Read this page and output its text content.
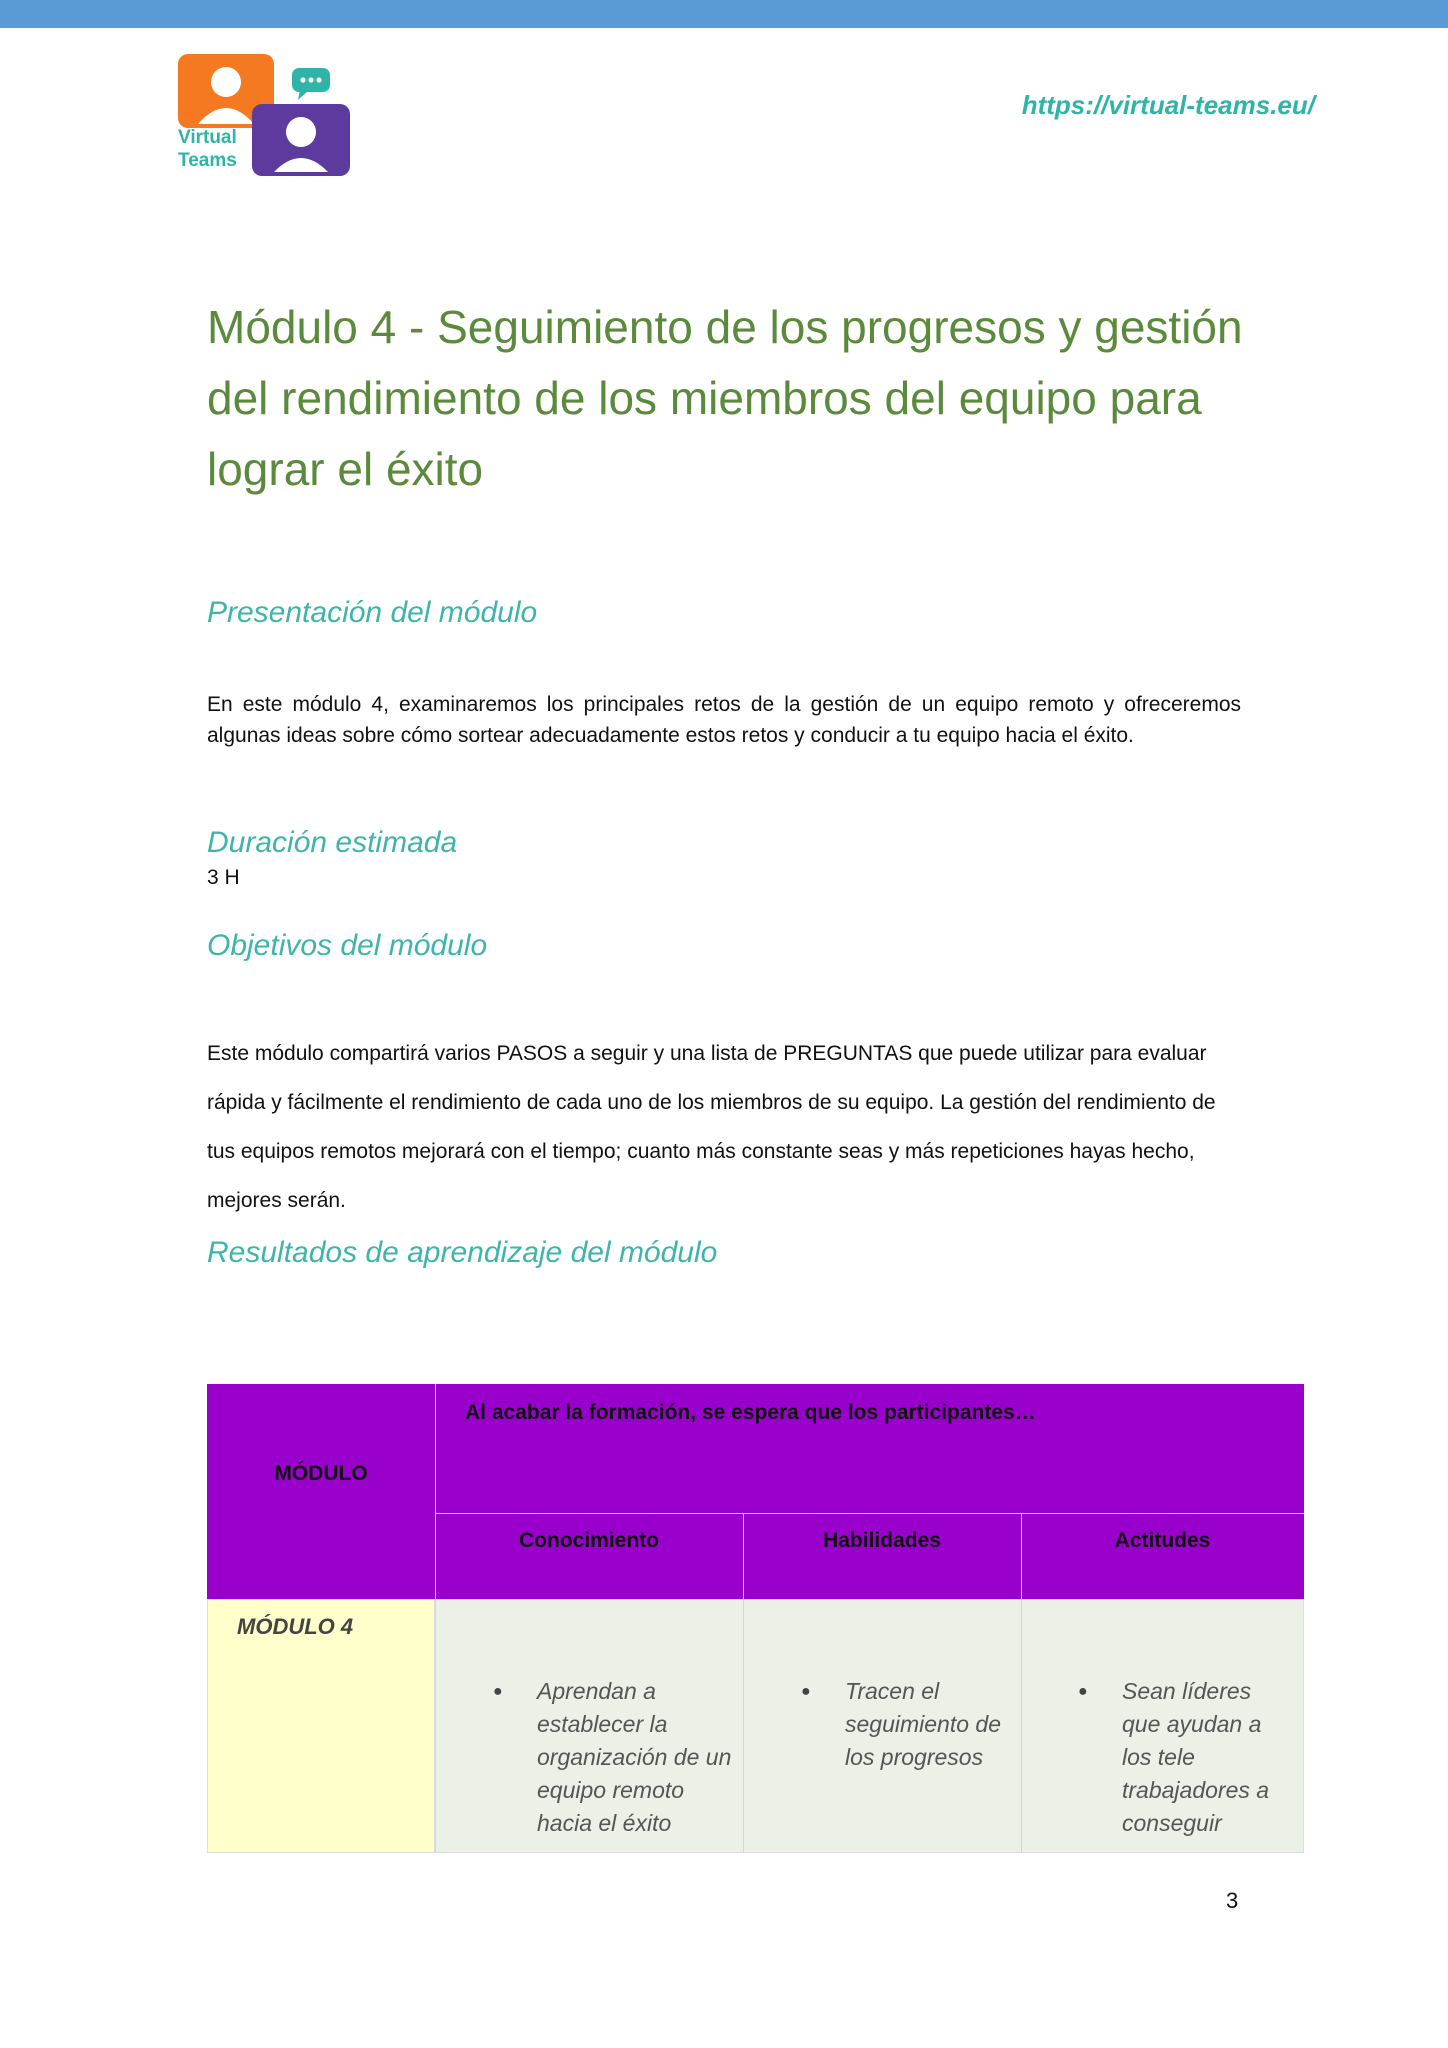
Virtual
Teams
https://virtual-teams.eu/
Módulo 4 - Seguimiento de los progresos y gestión del rendimiento de los miembros del equipo para lograr el éxito
Presentación del módulo

En este módulo 4, examinaremos los principales retos de la gestión de un equipo remoto y ofreceremos algunas ideas sobre cómo sortear adecuadamente estos retos y conducir a tu equipo hacia el éxito.

Duración estimada
3 H
Objetivos del módulo

Este módulo compartirá varios PASOS a seguir y una lista de PREGUNTAS que puede utilizar para evaluar rápida y fácilmente el rendimiento de cada uno de los miembros de su equipo. La gestión del rendimiento de tus equipos remotos mejorará con el tiempo; cuanto más constante seas y más repeticiones hayas hecho, mejores serán.

Resultados de aprendizaje del módulo
MÓDULO
Al acabar la formación, se espera que los participantes…
Conocimiento	Habilidades	Actitudes
MÓDULO 4
● Aprendan a establecer la organización de un equipo remoto hacia el éxito
● Tracen el seguimiento de los progresos
● Sean líderes que ayudan a los tele trabajadores a conseguir
3
